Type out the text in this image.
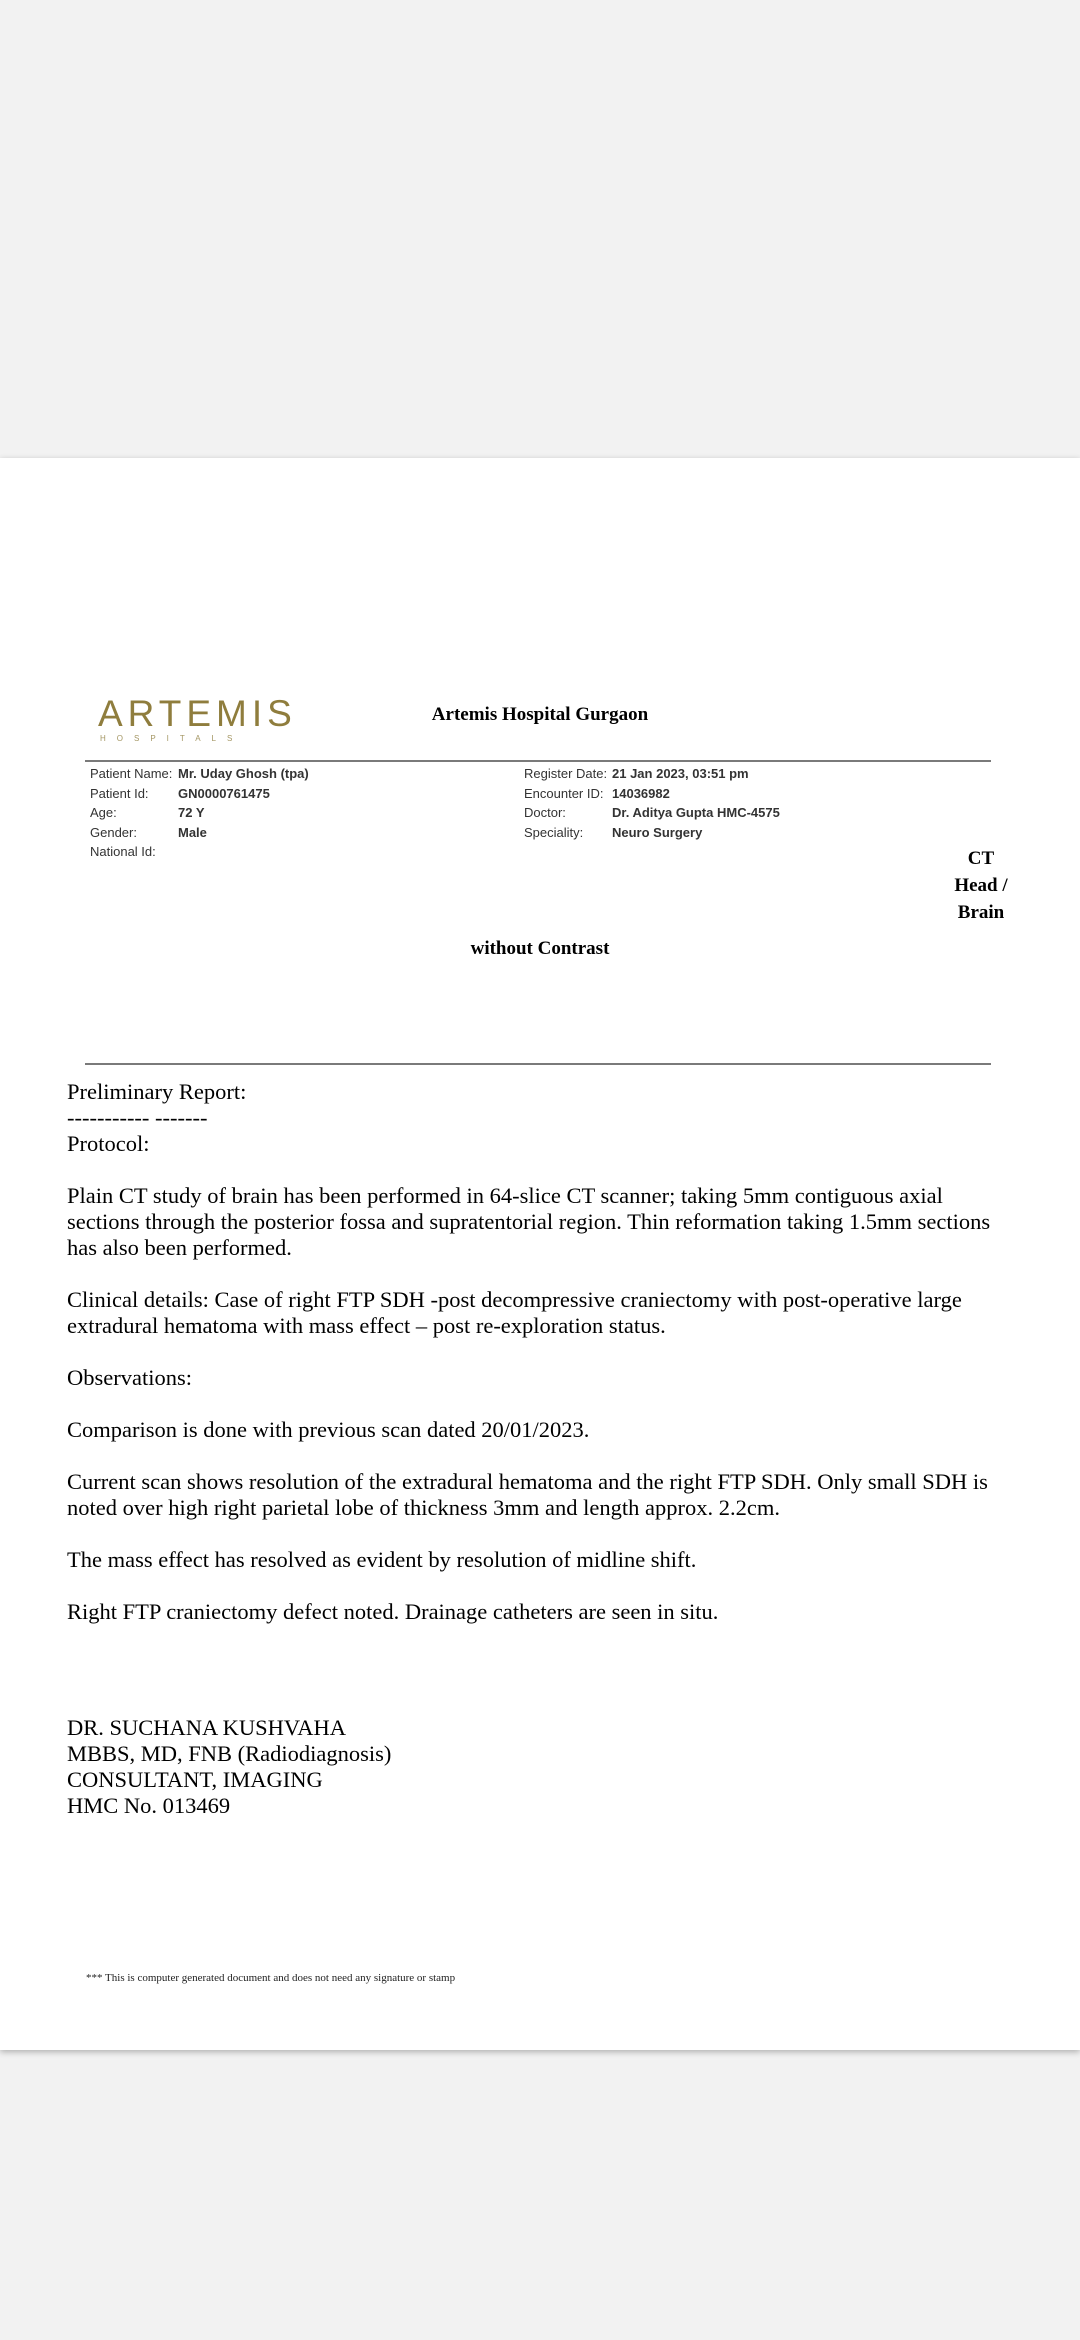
ARTEMIS
HOSPITALS
Artemis Hospital Gurgaon
Patient Name: Mr. Uday Ghosh (tpa)
Patient Id: GN0000761475
Age:	72 Y
Gender:	Male
National Id:
Register Date: 21 Jan 2023, 03:51 pm
Encounter ID: 14036982
Doctor:	Dr. Aditya Gupta HMC-4575
Speciality: Neuro Surgery
CT
Head /
Brain
without Contrast

Preliminary Report:

----------- -------

Protocol:

Plain CT study of brain has been performed in 64-slice CT scanner; taking 5mm contiguous axial sections through the posterior fossa and supratentorial region. Thin reformation taking 1.5mm sections has also been performed.

Clinical details: Case of right FTP SDH -post decompressive craniectomy with post-operative large extradural hematoma with mass effect – post re-exploration status.

Observations:

Comparison is done with previous scan dated 20/01/2023.

Current scan shows resolution of the extradural hematoma and the right FTP SDH. Only small SDH is noted over high right parietal lobe of thickness 3mm and length approx. 2.2cm.

The mass effect has resolved as evident by resolution of midline shift.

Right FTP craniectomy defect noted. Drainage catheters are seen in situ.

DR. SUCHANA KUSHVAHA
MBBS, MD, FNB (Radiodiagnosis)
CONSULTANT, IMAGING
HMC No. 013469
*** This is computer generated document and does not need any signature or stamp
